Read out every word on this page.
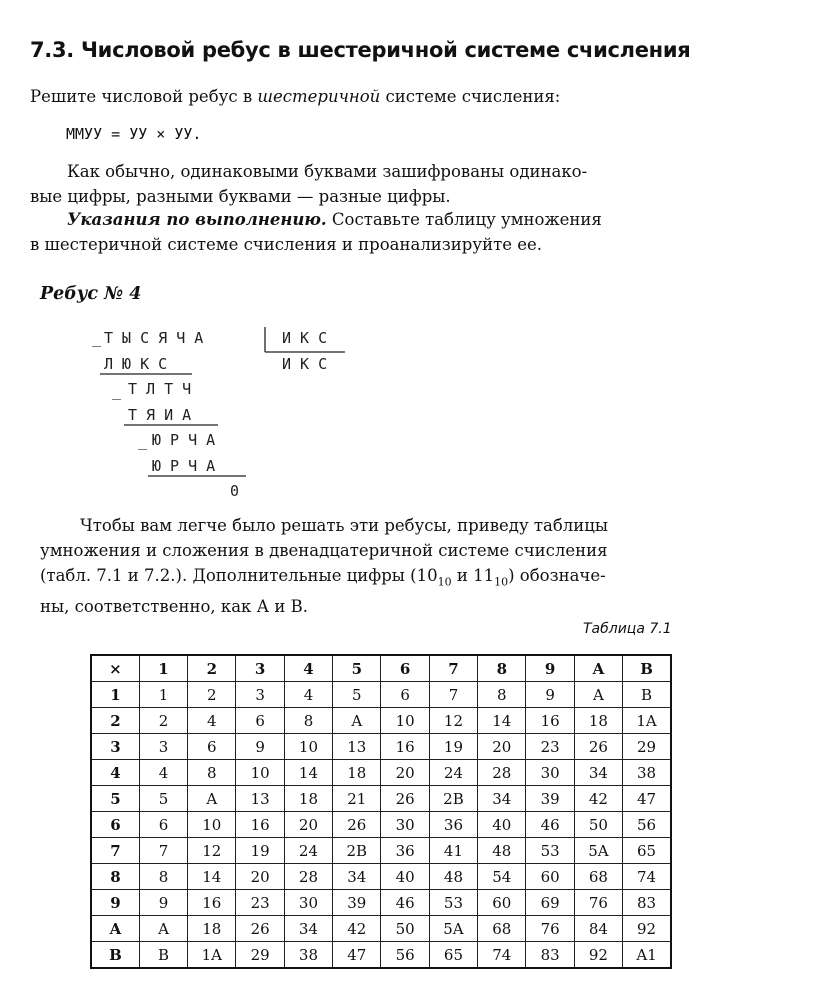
7.3. Числовой ребус в шестеричной системе счисления
Решите числовой ребус в шестеричной системе счисления:
ММУУ = УУ × УУ.
Как обычно, одинаковыми буквами зашифрованы одинако-
вые цифры, разными буквами — разные цифры.
Указания по выполнению. Составьте таблицу умножения
в шестеричной системе счисления и проанализируйте ее.
Ребус № 4
_ Т Ы С Я Ч А	И К С
Л Ю К С	И К С
_ Т Л Т Ч
Т Я И А
_ Ю Р Ч А
Ю Р Ч А
0
Чтобы вам легче было решать эти ребусы, приведу таблицы
умножения и сложения в двенадцатеричной системе счисления
(табл. 7.1 и 7.2.). Дополнительные цифры ($10_{10}$ и $11_{10}$) обозначе-
ны, соответственно, как А и В.
Таблица 7.1
×	1	2	3	4	5	6	7	8	9	A	B
1	1	2	3	4	5	6	7	8	9	A	B
2	2	4	6	8	A	10	12	14	16	18	1A
3	3	6	9	10	13	16	19	20	23	26	29
4	4	8	10	14	18	20	24	28	30	34	38
5	5	A	13	18	21	26	2B	34	39	42	47
6	6	10	16	20	26	30	36	40	46	50	56
7	7	12	19	24	2B	36	41	48	53	5A	65
8	8	14	20	28	34	40	48	54	60	68	74
9	9	16	23	30	39	46	53	60	69	76	83
A	A	18	26	34	42	50	5A	68	76	84	92
B	B	1A	29	38	47	56	65	74	83	92	A1
